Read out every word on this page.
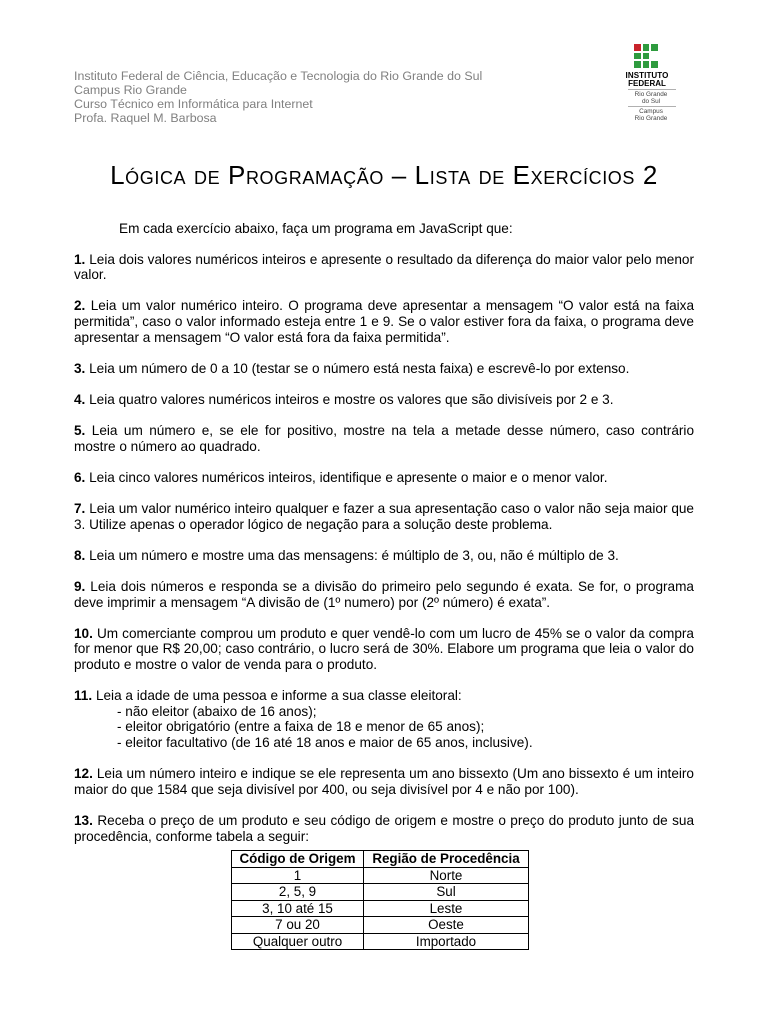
Instituto Federal de Ciência, Educação e Tecnologia do Rio Grande do Sul
Campus Rio Grande
Curso Técnico em Informática para Internet
Profa. Raquel M. Barbosa
INSTITUTO
FEDERAL
Rio Grande
do Sul
Campus
Rio Grande
Lógica de Programação – Lista de Exercícios 2

Em cada exercício abaixo, faça um programa em JavaScript que:

1. Leia dois valores numéricos inteiros e apresente o resultado da diferença do maior valor pelo menor valor.

2. Leia um valor numérico inteiro. O programa deve apresentar a mensagem “O valor está na faixa permitida”, caso o valor informado esteja entre 1 e 9. Se o valor estiver fora da faixa, o programa deve apresentar a mensagem “O valor está fora da faixa permitida”.

3. Leia um número de 0 a 10 (testar se o número está nesta faixa) e escrevê-lo por extenso.

4. Leia quatro valores numéricos inteiros e mostre os valores que são divisíveis por 2 e 3.

5. Leia um número e, se ele for positivo, mostre na tela a metade desse número, caso contrário mostre o número ao quadrado.

6. Leia cinco valores numéricos inteiros, identifique e apresente o maior e o menor valor.

7. Leia um valor numérico inteiro qualquer e fazer a sua apresentação caso o valor não seja maior que 3. Utilize apenas o operador lógico de negação para a solução deste problema.

8. Leia um número e mostre uma das mensagens: é múltiplo de 3, ou, não é múltiplo de 3.

9. Leia dois números e responda se a divisão do primeiro pelo segundo é exata. Se for, o programa deve imprimir a mensagem “A divisão de (1º numero) por (2º número) é exata”.

10. Um comerciante comprou um produto e quer vendê-lo com um lucro de 45% se o valor da compra for menor que R$ 20,00; caso contrário, o lucro será de 30%. Elabore um programa que leia o valor do produto e mostre o valor de venda para o produto.

11. Leia a idade de uma pessoa e informe a sua classe eleitoral:
- não eleitor (abaixo de 16 anos);
- eleitor obrigatório (entre a faixa de 18 e menor de 65 anos);
- eleitor facultativo (de 16 até 18 anos e maior de 65 anos, inclusive).

12. Leia um número inteiro e indique se ele representa um ano bissexto (Um ano bissexto é um inteiro maior do que 1584 que seja divisível por 400, ou seja divisível por 4 e não por 100).

13. Receba o preço de um produto e seu código de origem e mostre o preço do produto junto de sua procedência, conforme tabela a seguir:

Código de Origem	Região de Procedência
1	Norte
2, 5, 9	Sul
3, 10 até 15	Leste
7 ou 20	Oeste
Qualquer outro	Importado
